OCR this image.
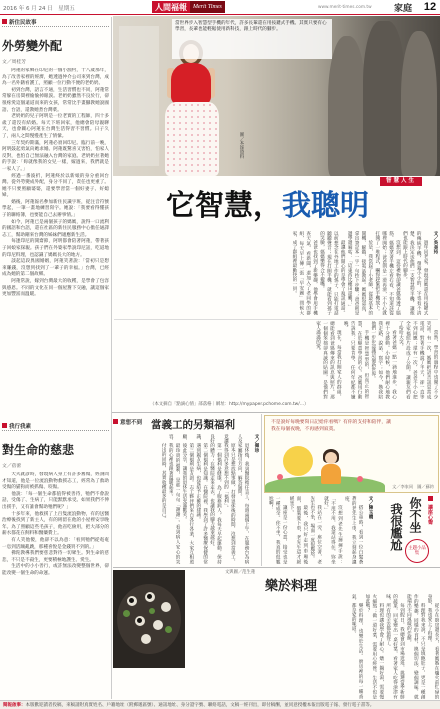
2016 年 6 月 24 日　星期五	人間福報	Merit Times	www.merit-times.com.tw 家庭 12
新住民故事
外勞變外配
文／周桂芳

阿蓮的家鄉在印尼的一個小漁村，十八歲那年，為了改善家裡的經濟，她透過仲介公司來到台灣，成為一名外籍看護工，照顧一位行動不便的老奶奶。

初到台灣，語言不通，生活習慣也不同，阿蓮常常躲在房間裡偷偷掉眼淚。老奶奶雖然不良於行，卻很疼愛這個遠道而來的女孩，常常比手畫腳教她說國語、台語，還教她煮台灣菜。

老奶奶的兒子阿明是一位老實的工程師，四十多歲了還沒有結婚。每天下班回家，他總會陪母親聊天，也會關心阿蓮在台灣生活得習不習慣。日子久了，兩人之間慢慢產生了情愫。

三年契約期滿，阿蓮必須回印尼。臨行前一晚，阿明鼓起勇氣向她求婚。阿蓮既驚喜又害怕，怕家人反對，也怕自己無法融入台灣的家庭。老奶奶拉著她的手說：「妳就像我的女兒一樣，嫁過來，我們就是一家人了。」

經過一番波折，阿蓮終於以新娘的身分重回台灣。從外勞變成外配，身分不同了，責任也更重了。她不只要照顧婆婆，還要學習當一個好妻子、好媳婦。

婚後，阿蓮報名參加新住民識字班，從注音符號學起，一筆一畫地練習寫字。她說：「我要看得懂孩子的聯絡簿，也要能自己去辦事情。」

如今，阿蓮已是兩個孩子的媽媽，說得一口流利的國語和台語，還在社區的新住民服務中心擔任通譯志工，幫助剛來台灣的姊妹們適應新生活。

每逢印尼的開齋節，阿明都會陪著阿蓮，帶著孩子回娘家探親。孩子們在外婆家學說印尼話，吃道地的印尼料理，也認識了媽媽長大的地方。

談起這段異國婚姻，阿蓮笑著說：「當初只是想來賺錢，沒想到找到了一輩子的幸福。」台灣，已經成為她的第二個故鄉。

阿蓮常說，嫁到台灣最大的收穫，是學會了包容與感恩。不同的文化在同一個屋簷下交融，讓這個家更加豐富而溫暖。

我行我素
對生命的慈悲
文／蓓蕾

大夫就診時，發現病人身上有許多舊傷，經詢問才知道，他是一位流浪動物救援志工，經常為了救助受傷的貓狗而被抓傷、咬傷。

他說：「每一個生命都值得被善待，牠們不會說話，受傷了、生病了，只能默默承受。如果我們不伸出援手，又有誰會幫助牠們呢？」

十多年來，他救援了上百隻流浪動物，有的送醫治療後找到了新主人，有的則留在他的小屋裡安享晚年。為了照顧這些毛孩子，他省吃儉用，把大部分的薪水都花在飼料和醫藥費上。

有人笑他傻，他卻不以為意：「看到牠們從奄奄一息到活蹦亂跳，那種喜悅是金錢買不到的。」

佛陀教導我們要慈悲對待一切眾生。對生命的慈悲，不只是不殺生，更要積極地護生、愛生。

生活中的小小善行，或許無法改變整個世界，卻能改變一個生命的命運。

當世界步入智慧型手機的年代，許多長輩還在用按鍵式手機。其實只要有心學習，長輩也能輕鬆使用新科技，跟上時代的腳步。
圖／本報資料
智慧人生
它智慧，我聰明

文／吳美玲

過年回老家，發現爸媽還在用按鍵式的傳統手機，螢幕小小的，字也看不清楚。我決定送他們一支智慧型手機，讓他們也能跟上時代的腳步。

沒想到，這份禮物卻讓爸媽傷透了腦筋。媽媽拿著手機左看右看，不知道該從哪裡開始；爸爸則是一滑再滑，不小心就打開了一堆程式，嚇得趕緊把手機放下。

於是，我當起了小老師，從最基本的開機、解鎖、接電話教起。媽媽很認真，拿出筆記本一字一句抄下步驟；爸爸則是邊學邊嘀咕：「這東西比種田還難！」

最讓他們開心的是學會了視訊通話。以前想念在外地工作的孫子，只能打電話聽聽聲音；現在打開手機，就能看到孫子的笑臉，媽媽樂得合不攏嘴。

爸爸也找到了新樂趣，他學會用手機查天氣、看新聞，還加入了老同學的群組，每天早上傳一張「早安圖」問候大家，成了群組裡最勤快的一員。

當然，學習的過程中也鬧了不少笑話。有一次，媽媽把語音訊息當成電話，對著手機說了半天，卻一直等不到回應；還有一次，爸爸不小心把全家福照片設成了公開，讓親友們看了哈哈大笑。

看著爸媽一點一滴地進步，我心裡十分感動。小時候，他們耐心地教我走路、說話、寫字；如今，換我陪他們一步步認識這個新世界。

手機是智慧型的，但真正的智慧，在於願意學習的心。爸媽用行動告訴我：只要肯學，任何年紀都不嫌晚。

現在，每當我打開家人的群組，總能看到爸媽傳來的訊息與照片。那一個個笨拙卻真誠的貼圖，是他們對家人滿滿的愛。

（本文摘自「點滴心情」部落格｜網址：http://mypaper.pchome.com.tw/…）
意想不到 當義工的另類福利

文／佩珍

退休後，我到醫院擔任志工，每週兩個上午，在服務台為病人及家屬指引方向、解答疑問。

原本只是想找點事做，打發退休後的時間，沒想到當義工，竟讓我得到許多意想不到的「福利」。

第一個福利是健康。為了服務病人，我每天早起運動，保持良好的體力；在醫院走來走去，也讓我的腳力越來越好。

第二個福利是知識。在醫院裡，我學到了許多醫療保健的常識，遇到親友生病，也能給予正確的建議。

第三個福利是友誼。志工夥伴們來自各行各業，大家互相照顧、彼此分享，讓我的退休生活充滿歡笑。

最珍貴的福利，是那一句句「謝謝」。看到病人安心的笑容，我的心裡也跟著溫暖起來。

付出的同時，其實收穫最多的是自己。

不是說好每晚要寫日記給你看嗎？有你的支持和陪伴，讓我在每個夜晚，不再感到寂寞。
文／李家同　圖／蘇鈞

文／陳玉晴

搭公車時，看到一位白髮蒼蒼的老先生上車，我立刻起身讓座。

沒想到老先生揮揮手說：「不用不用，我還站得住，妳坐就好。」

我站在一旁，座位空著，老先生也不坐，場面一度很尷尬。

最後，我只好走到車廂後面，假裝要下車，老先生這才緩緩坐下。

讓座是一份心意，接受也是一種成全。你不坐，我真的很尷尬啊！	你不坐
我很尷尬	讓座心聲
主題小品集
文與圖／范生蓮
樂於料理

從小在廚房邊長大，看著媽媽在爐火前忙碌的身影，我也愛上了料理。

料理對我來說，不只是填飽肚子，更是一種創作的樂趣。同樣的食材，換個切法、變個調味，就能端出不同風味的佳餚。

每到假日，我總會到市場逛逛，挑選當季新鮮的蔬果，回家變出一桌好菜，看著家人吃得津津有味，所有的辛苦都值得了。

料理也讓我學會了耐心。燉一鍋好湯，需要慢火細熬；做一道好菜，需要用心經營。生活不也是如此嗎？

樂於料理，也樂於生活。廚房裡的每一縷香氣，都是家的味道。

閱報啟事：本版歡迎讀者投稿，來稿請附真實姓名、戶籍地址（附郵遞區號）、通訊地址、身分證字號、聯絡電話，文稿一經刊出，即付稿酬，並同意授權本報出版電子報、發行電子書等。
